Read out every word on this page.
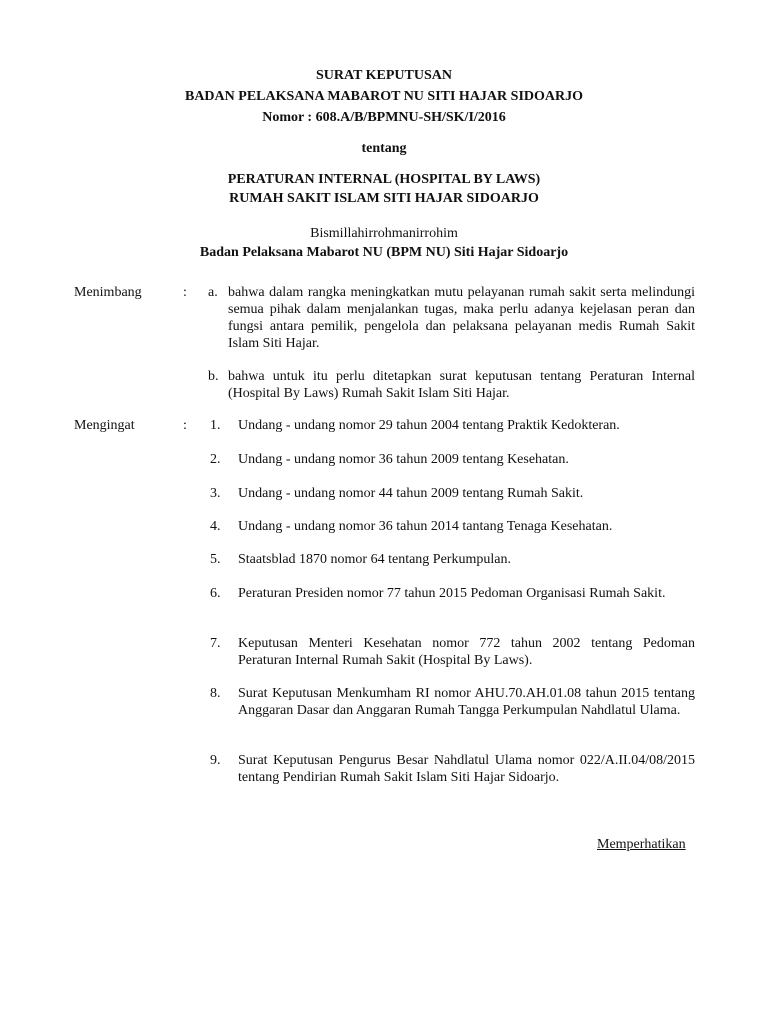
SURAT KEPUTUSAN
BADAN PELAKSANA MABAROT NU SITI HAJAR SIDOARJO
Nomor : 608.A/B/BPMNU-SH/SK/I/2016
tentang
PERATURAN INTERNAL (HOSPITAL BY LAWS)
RUMAH SAKIT ISLAM SITI HAJAR SIDOARJO
Bismillahirrohmanirrohim
Badan Pelaksana Mabarot NU (BPM NU) Siti Hajar Sidoarjo
Menimbang	: a. bahwa dalam rangka meningkatkan mutu pelayanan rumah sakit serta melindungi semua pihak dalam menjalankan tugas, maka perlu adanya kejelasan peran dan fungsi antara pemilik, pengelola dan pelaksana pelayanan medis Rumah Sakit Islam Siti Hajar.
b. bahwa untuk itu perlu ditetapkan surat keputusan tentang Peraturan Internal (Hospital By Laws) Rumah Sakit Islam Siti Hajar.
Mengingat	: 1. Undang - undang nomor 29 tahun 2004 tentang Praktik Kedokteran.
2. Undang - undang nomor 36 tahun 2009 tentang Kesehatan.
3. Undang - undang nomor 44 tahun 2009 tentang Rumah Sakit.
4. Undang - undang nomor 36 tahun 2014 tantang Tenaga Kesehatan.
5. Staatsblad 1870 nomor 64 tentang Perkumpulan.
6. Peraturan Presiden nomor 77 tahun 2015 Pedoman Organisasi Rumah Sakit.
7. Keputusan Menteri Kesehatan nomor 772 tahun 2002 tentang Pedoman Peraturan Internal Rumah Sakit (Hospital By Laws).
8. Surat Keputusan Menkumham RI nomor AHU.70.AH.01.08 tahun 2015 tentang Anggaran Dasar dan Anggaran Rumah Tangga Perkumpulan Nahdlatul Ulama.
9. Surat Keputusan Pengurus Besar Nahdlatul Ulama nomor 022/A.II.04/08/2015 tentang Pendirian Rumah Sakit Islam Siti Hajar Sidoarjo.
Memperhatikan
